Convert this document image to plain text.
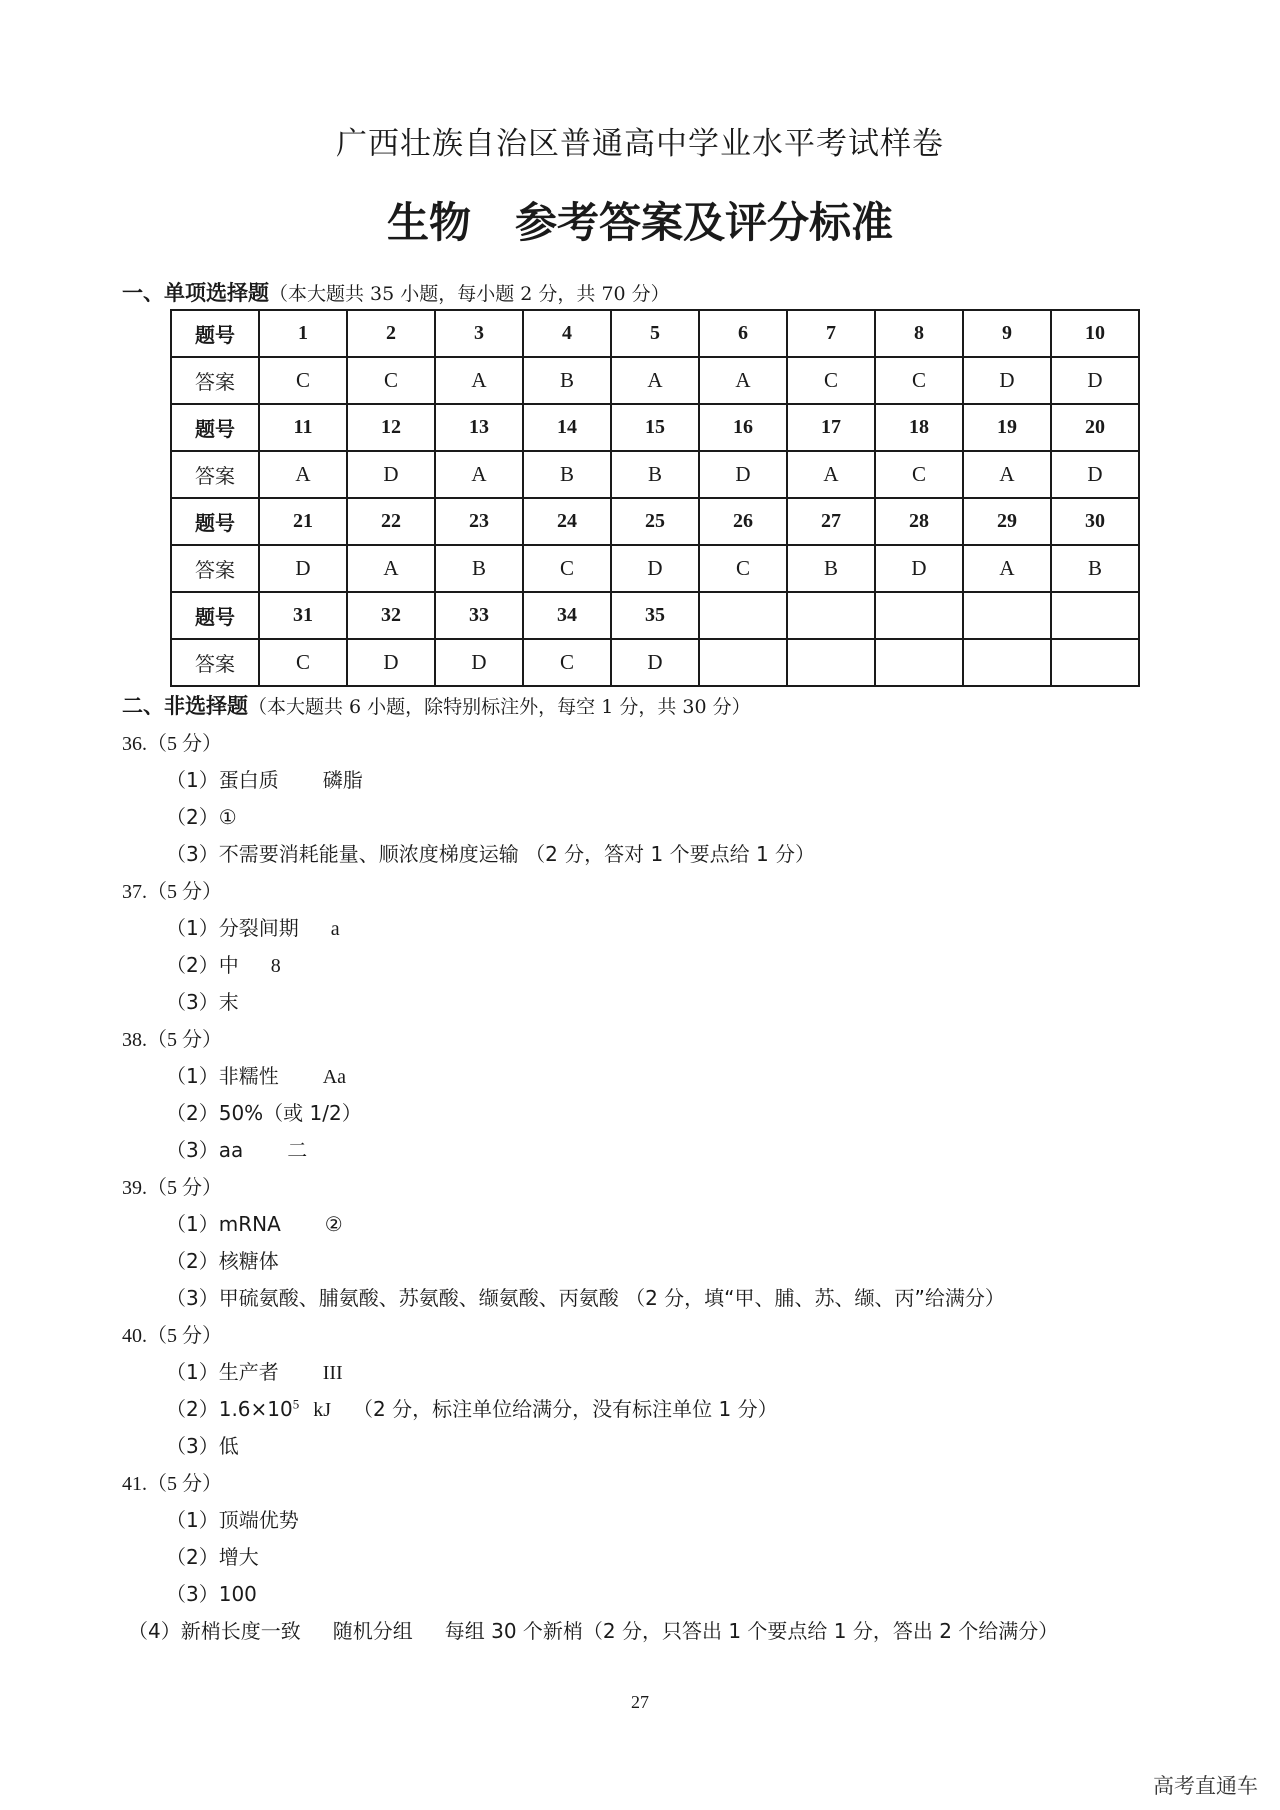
广西壮族自治区普通高中学业水平考试样卷
生物 参考答案及评分标准
一、单项选择题（本大题共 35 小题，每小题 2 分，共 70 分）
题号	1	2	3	4	5	6	7	8	9	10
答案	C	C	A	B	A	A	C	C	D	D
题号	11	12	13	14	15	16	17	18	19	20
答案	A	D	A	B	B	D	A	C	A	D
题号	21	22	23	24	25	26	27	28	29	30
答案	D	A	B	C	D	C	B	D	A	B
题号	31	32	33	34	35					
答案	C	D	D	C	D					
二、非选择题（本大题共 6 小题，除特别标注外，每空 1 分，共 30 分）
36.（5 分）
（1）蛋白质 磷脂
（2）①
（3）不需要消耗能量、顺浓度梯度运输 （2 分，答对 1 个要点给 1 分）
37.（5 分）
（1）分裂间期 a
（2）中 8
（3）末
38.（5 分）
（1）非糯性 Aa
（2）50%（或 1/2）
（3）aa 二
39.（5 分）
（1）mRNA ②
（2）核糖体
（3）甲硫氨酸、脯氨酸、苏氨酸、缬氨酸、丙氨酸 （2 分，填“甲、脯、苏、缬、丙”给满分）
40.（5 分）
（1）生产者 III
$(2)1.6\times 10^5$ kJ （2 分，标注单位给满分，没有标注单位 1 分）
（3）低
41.（5 分）
（1）顶端优势
（2）增大
（3）100
（4）新梢长度一致 随机分组 每组 30 个新梢（2 分，只答出 1 个要点给 1 分，答出 2 个给满分）
27
高考直通车
